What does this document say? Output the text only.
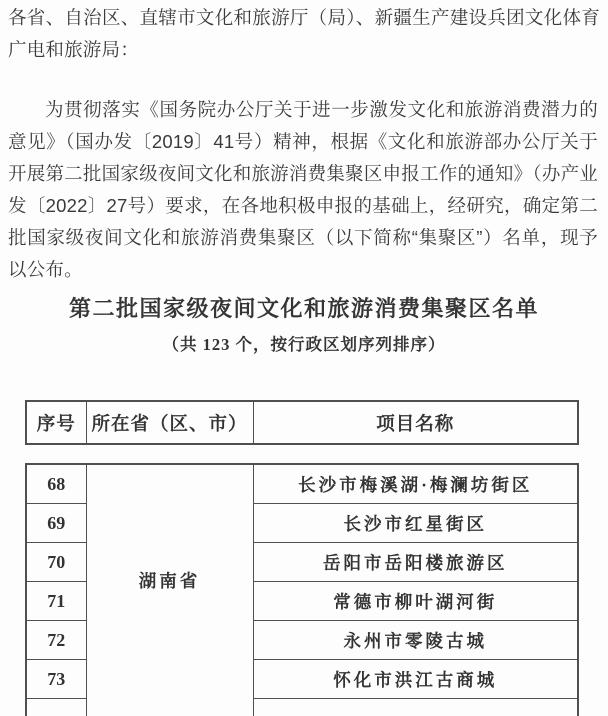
各省、自治区、直辖市文化和旅游厅（局）、新疆生产建设兵团文化体育广电和旅游局：

为贯彻落实《国务院办公厅关于进一步激发文化和旅游消费潜力的意见》（国办发〔2019〕41号）精神，根据《文化和旅游部办公厅关于开展第二批国家级夜间文化和旅游消费集聚区申报工作的通知》（办产业发〔2022〕27号）要求，在各地积极申报的基础上，经研究，确定第二批国家级夜间文化和旅游消费集聚区（以下简称“集聚区”）名单，现予以公布。

第二批国家级夜间文化和旅游消费集聚区名单
（共 123 个，按行政区划序列排序）
序号	所在省（区、市）	项目名称
68	湖南省	长沙市梅溪湖·梅澜坊街区
69		长沙市红星街区
70		岳阳市岳阳楼旅游区
71		常德市柳叶湖河街
72		永州市零陵古城
73		怀化市洪江古商城
